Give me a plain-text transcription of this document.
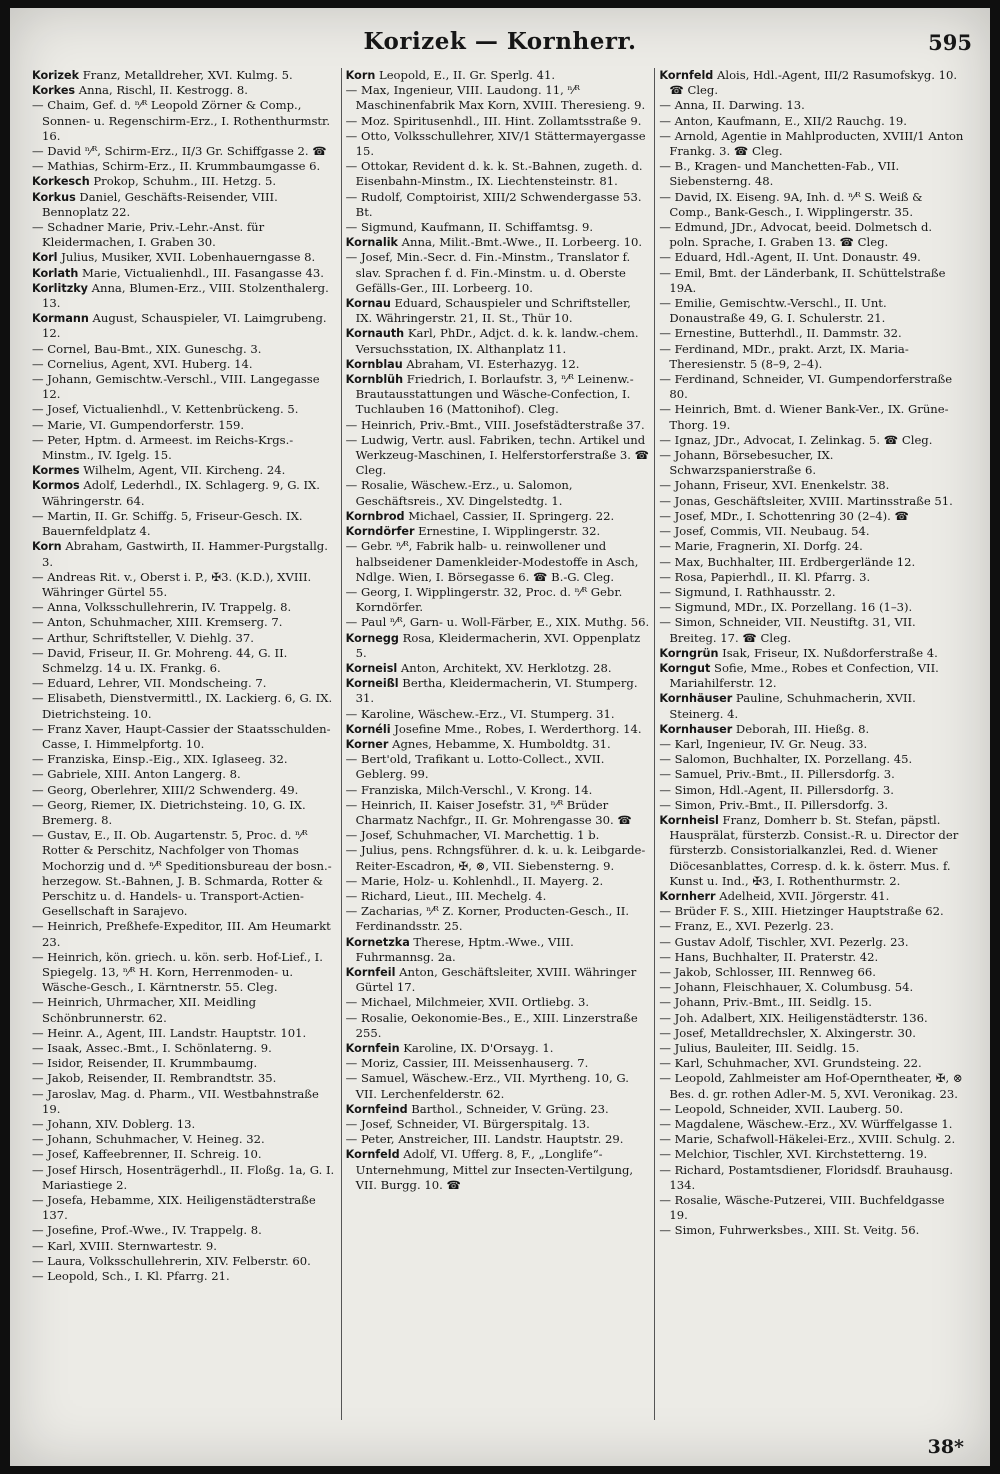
Korizek — Kornherr.	595

Korizek Franz, Metalldreher, XVI. Kulmg. 5.

Korkes Anna, Rischl, II. Kestrogg. 8.

— Chaim, Gef. d. ⁿ⁄ᴿ Leopold Zörner & Comp., Sonnen- u. Regenschirm-Erz., I. Rothenthurmstr. 16.

— David ⁿ⁄ᴿ, Schirm-Erz., II/3 Gr. Schiffgasse 2. ☎

— Mathias, Schirm-Erz., II. Krummbaumgasse 6.

Korkesch Prokop, Schuhm., III. Hetzg. 5.

Korkus Daniel, Geschäfts-Reisender, VIII. Bennoplatz 22.

— Schadner Marie, Priv.-Lehr.-Anst. für Kleidermachen, I. Graben 30.

Korl Julius, Musiker, XVII. Lobenhauerngasse 8.

Korlath Marie, Victualienhdl., III. Fasangasse 43.

Korlitzky Anna, Blumen-Erz., VIII. Stolzenthalerg. 13.

Kormann August, Schauspieler, VI. Laimgrubeng. 12.

— Cornel, Bau-Bmt., XIX. Guneschg. 3.

— Cornelius, Agent, XVI. Huberg. 14.

— Johann, Gemischtw.-Verschl., VIII. Langegasse 12.

— Josef, Victualienhdl., V. Kettenbrückeng. 5.

— Marie, VI. Gumpendorferstr. 159.

— Peter, Hptm. d. Armeest. im Reichs-Krgs.-Minstm., IV. Igelg. 15.

Kormes Wilhelm, Agent, VII. Kircheng. 24.

Kormos Adolf, Lederhdl., IX. Schlagerg. 9, G. IX. Währingerstr. 64.

— Martin, II. Gr. Schiffg. 5, Friseur-Gesch. IX. Bauernfeldplatz 4.

Korn Abraham, Gastwirth, II. Hammer-Purgstallg. 3.

— Andreas Rit. v., Oberst i. P., ✠3. (K.D.), XVIII. Währinger Gürtel 55.

— Anna, Volksschullehrerin, IV. Trappelg. 8.

— Anton, Schuhmacher, XIII. Kremserg. 7.

— Arthur, Schriftsteller, V. Diehlg. 37.

— David, Friseur, II. Gr. Mohreng. 44, G. II. Schmelzg. 14 u. IX. Frankg. 6.

— Eduard, Lehrer, VII. Mondscheing. 7.

— Elisabeth, Dienstvermittl., IX. Lackierg. 6, G. IX. Dietrichsteing. 10.

— Franz Xaver, Haupt-Cassier der Staatsschulden-Casse, I. Himmelpfortg. 10.

— Franziska, Einsp.-Eig., XIX. Iglaseeg. 32.

— Gabriele, XIII. Anton Langerg. 8.

— Georg, Oberlehrer, XIII/2 Schwenderg. 49.

— Georg, Riemer, IX. Dietrichsteing. 10, G. IX. Bremerg. 8.

— Gustav, E., II. Ob. Augartenstr. 5, Proc. d. ⁿ⁄ᴿ Rotter & Perschitz, Nachfolger von Thomas Mochorzig und d. ⁿ⁄ᴿ Speditionsbureau der bosn.-herzegow. St.-Bahnen, J. B. Schmarda, Rotter & Perschitz u. d. Handels- u. Transport-Actien-Gesellschaft in Sarajevo.

— Heinrich, Preßhefe-Expeditor, III. Am Heumarkt 23.

— Heinrich, kön. griech. u. kön. serb. Hof-Lief., I. Spiegelg. 13, ⁿ⁄ᴿ H. Korn, Herrenmoden- u. Wäsche-Gesch., I. Kärntnerstr. 55. Cleg.

— Heinrich, Uhrmacher, XII. Meidling Schönbrunnerstr. 62.

— Heinr. A., Agent, III. Landstr. Hauptstr. 101.

— Isaak, Assec.-Bmt., I. Schönlaterng. 9.

— Isidor, Reisender, II. Krummbaumg.

— Jakob, Reisender, II. Rembrandtstr. 35.

— Jaroslav, Mag. d. Pharm., VII. Westbahnstraße 19.

— Johann, XIV. Doblerg. 13.

— Johann, Schuhmacher, V. Heineg. 32.

— Josef, Kaffeebrenner, II. Schreig. 10.

— Josef Hirsch, Hosenträgerhdl., II. Floßg. 1a, G. I. Mariastiege 2.

— Josefa, Hebamme, XIX. Heiligenstädterstraße 137.

— Josefine, Prof.-Wwe., IV. Trappelg. 8.

— Karl, XVIII. Sternwartestr. 9.

— Laura, Volksschullehrerin, XIV. Felberstr. 60.

— Leopold, Sch., I. Kl. Pfarrg. 21.

Korn Leopold, E., II. Gr. Sperlg. 41.

— Max, Ingenieur, VIII. Laudong. 11, ⁿ⁄ᴿ Maschinenfabrik Max Korn, XVIII. Theresieng. 9.

— Moz. Spiritusenhdl., III. Hint. Zollamtsstraße 9.

— Otto, Volksschullehrer, XIV/1 Stättermayergasse 15.

— Ottokar, Revident d. k. k. St.-Bahnen, zugeth. d. Eisenbahn-Minstm., IX. Liechtensteinstr. 81.

— Rudolf, Comptoirist, XIII/2 Schwendergasse 53. Bt.

— Sigmund, Kaufmann, II. Schiffamtsg. 9.

Kornalik Anna, Milit.-Bmt.-Wwe., II. Lorbeerg. 10.

— Josef, Min.-Secr. d. Fin.-Minstm., Translator f. slav. Sprachen f. d. Fin.-Minstm. u. d. Oberste Gefälls-Ger., III. Lorbeerg. 10.

Kornau Eduard, Schauspieler und Schriftsteller, IX. Währingerstr. 21, II. St., Thür 10.

Kornauth Karl, PhDr., Adjct. d. k. k. landw.-chem. Versuchsstation, IX. Althanplatz 11.

Kornblau Abraham, VI. Esterhazyg. 12.

Kornblüh Friedrich, I. Borlaufstr. 3, ⁿ⁄ᴿ Leinenw.- Brautausstattungen und Wäsche-Confection, I. Tuchlauben 16 (Mattonihof). Cleg.

— Heinrich, Priv.-Bmt., VIII. Josefstädterstraße 37.

— Ludwig, Vertr. ausl. Fabriken, techn. Artikel und Werkzeug-Maschinen, I. Helferstorferstraße 3. ☎ Cleg.

— Rosalie, Wäschew.-Erz., u. Salomon, Geschäftsreis., XV. Dingelstedtg. 1.

Kornbrod Michael, Cassier, II. Springerg. 22.

Korndörfer Ernestine, I. Wipplingerstr. 32.

— Gebr. ⁿ⁄ᴿ, Fabrik halb- u. reinwollener und halbseidener Damenkleider-Modestoffe in Asch, Ndlge. Wien, I. Börsegasse 6. ☎ B.-G. Cleg.

— Georg, I. Wipplingerstr. 32, Proc. d. ⁿ⁄ᴿ Gebr. Korndörfer.

— Paul ⁿ⁄ᴿ, Garn- u. Woll-Färber, E., XIX. Muthg. 56.

Kornegg Rosa, Kleidermacherin, XVI. Oppenplatz 5.

Korneisl Anton, Architekt, XV. Herklotzg. 28.

Korneißl Bertha, Kleidermacherin, VI. Stumperg. 31.

— Karoline, Wäschew.-Erz., VI. Stumperg. 31.

Kornéli Josefine Mme., Robes, I. Werderthorg. 14.

Korner Agnes, Hebamme, X. Humboldtg. 31.

— Bert'old, Trafikant u. Lotto-Collect., XVII. Geblerg. 99.

— Franziska, Milch-Verschl., V. Krong. 14.

— Heinrich, II. Kaiser Josefstr. 31, ⁿ⁄ᴿ Brüder Charmatz Nachfgr., II. Gr. Mohrengasse 30. ☎

— Josef, Schuhmacher, VI. Marchettig. 1 b.

— Julius, pens. Rchngsführer. d. k. u. k. Leibgarde-Reiter-Escadron, ✠, ⊗, VII. Siebensterng. 9.

— Marie, Holz- u. Kohlenhdl., II. Mayerg. 2.

— Richard, Lieut., III. Mechelg. 4.

— Zacharias, ⁿ⁄ᴿ Z. Korner, Producten-Gesch., II. Ferdinandsstr. 25.

Kornetzka Therese, Hptm.-Wwe., VIII. Fuhrmannsg. 2a.

Kornfeil Anton, Geschäftsleiter, XVIII. Währinger Gürtel 17.

— Michael, Milchmeier, XVII. Ortliebg. 3.

— Rosalie, Oekonomie-Bes., E., XIII. Linzerstraße 255.

Kornfein Karoline, IX. D'Orsayg. 1.

— Moriz, Cassier, III. Meissenhauserg. 7.

— Samuel, Wäschew.-Erz., VII. Myrtheng. 10, G. VII. Lerchenfelderstr. 62.

Kornfeind Barthol., Schneider, V. Grüng. 23.

— Josef, Schneider, VI. Bürgerspitalg. 13.

— Peter, Anstreicher, III. Landstr. Hauptstr. 29.

Kornfeld Adolf, VI. Ufferg. 8, F., „Longlife“-Unternehmung, Mittel zur Insecten-Vertilgung, VII. Burgg. 10. ☎

Kornfeld Alois, Hdl.-Agent, III/2 Rasumofskyg. 10. ☎ Cleg.

— Anna, II. Darwing. 13.

— Anton, Kaufmann, E., XII/2 Rauchg. 19.

— Arnold, Agentie in Mahlproducten, XVIII/1 Anton Frankg. 3. ☎ Cleg.

— B., Kragen- und Manchetten-Fab., VII. Siebensterng. 48.

— David, IX. Eiseng. 9A, Inh. d. ⁿ⁄ᴿ S. Weiß & Comp., Bank-Gesch., I. Wipplingerstr. 35.

— Edmund, JDr., Advocat, beeid. Dolmetsch d. poln. Sprache, I. Graben 13. ☎ Cleg.

— Eduard, Hdl.-Agent, II. Unt. Donaustr. 49.

— Emil, Bmt. der Länderbank, II. Schüttelstraße 19A.

— Emilie, Gemischtw.-Verschl., II. Unt. Donaustraße 49, G. I. Schulerstr. 21.

— Ernestine, Butterhdl., II. Dammstr. 32.

— Ferdinand, MDr., prakt. Arzt, IX. Maria-Theresienstr. 5 (8–9, 2–4).

— Ferdinand, Schneider, VI. Gumpendorferstraße 80.

— Heinrich, Bmt. d. Wiener Bank-Ver., IX. Grüne-Thorg. 19.

— Ignaz, JDr., Advocat, I. Zelinkag. 5. ☎ Cleg.

— Johann, Börsebesucher, IX. Schwarzspanierstraße 6.

— Johann, Friseur, XVI. Enenkelstr. 38.

— Jonas, Geschäftsleiter, XVIII. Martinsstraße 51.

— Josef, MDr., I. Schottenring 30 (2–4). ☎

— Josef, Commis, VII. Neubaug. 54.

— Marie, Fragnerin, XI. Dorfg. 24.

— Max, Buchhalter, III. Erdbergerlände 12.

— Rosa, Papierhdl., II. Kl. Pfarrg. 3.

— Sigmund, I. Rathhausstr. 2.

— Sigmund, MDr., IX. Porzellang. 16 (1–3).

— Simon, Schneider, VII. Neustiftg. 31, VII. Breiteg. 17. ☎ Cleg.

Korngrün Isak, Friseur, IX. Nußdorferstraße 4.

Korngut Sofie, Mme., Robes et Confection, VII. Mariahilferstr. 12.

Kornhäuser Pauline, Schuhmacherin, XVII. Steinerg. 4.

Kornhauser Deborah, III. Hießg. 8.

— Karl, Ingenieur, IV. Gr. Neug. 33.

— Salomon, Buchhalter, IX. Porzellang. 45.

— Samuel, Priv.-Bmt., II. Pillersdorfg. 3.

— Simon, Hdl.-Agent, II. Pillersdorfg. 3.

— Simon, Priv.-Bmt., II. Pillersdorfg. 3.

Kornheisl Franz, Domherr b. St. Stefan, päpstl. Hausprälat, fürsterzb. Consist.-R. u. Director der fürsterzb. Consistorialkanzlei, Red. d. Wiener Diöcesanblattes, Corresp. d. k. k. österr. Mus. f. Kunst u. Ind., ✠3, I. Rothenthurmstr. 2.

Kornherr Adelheid, XVII. Jörgerstr. 41.

— Brüder F. S., XIII. Hietzinger Hauptstraße 62.

— Franz, E., XVI. Pezerlg. 23.

— Gustav Adolf, Tischler, XVI. Pezerlg. 23.

— Hans, Buchhalter, II. Praterstr. 42.

— Jakob, Schlosser, III. Rennweg 66.

— Johann, Fleischhauer, X. Columbusg. 54.

— Johann, Priv.-Bmt., III. Seidlg. 15.

— Joh. Adalbert, XIX. Heiligenstädterstr. 136.

— Josef, Metalldrechsler, X. Alxingerstr. 30.

— Julius, Bauleiter, III. Seidlg. 15.

— Karl, Schuhmacher, XVI. Grundsteing. 22.

— Leopold, Zahlmeister am Hof-Operntheater, ✠, ⊗ Bes. d. gr. rothen Adler-M. 5, XVI. Veronikag. 23.

— Leopold, Schneider, XVII. Lauberg. 50.

— Magdalene, Wäschew.-Erz., XV. Würffelgasse 1.

— Marie, Schafwoll-Häkelei-Erz., XVIII. Schulg. 2.

— Melchior, Tischler, XVI. Kirchstetterng. 19.

— Richard, Postamtsdiener, Floridsdf. Brauhausg. 134.

— Rosalie, Wäsche-Putzerei, VIII. Buchfeldgasse 19.

— Simon, Fuhrwerksbes., XIII. St. Veitg. 56.

38*
